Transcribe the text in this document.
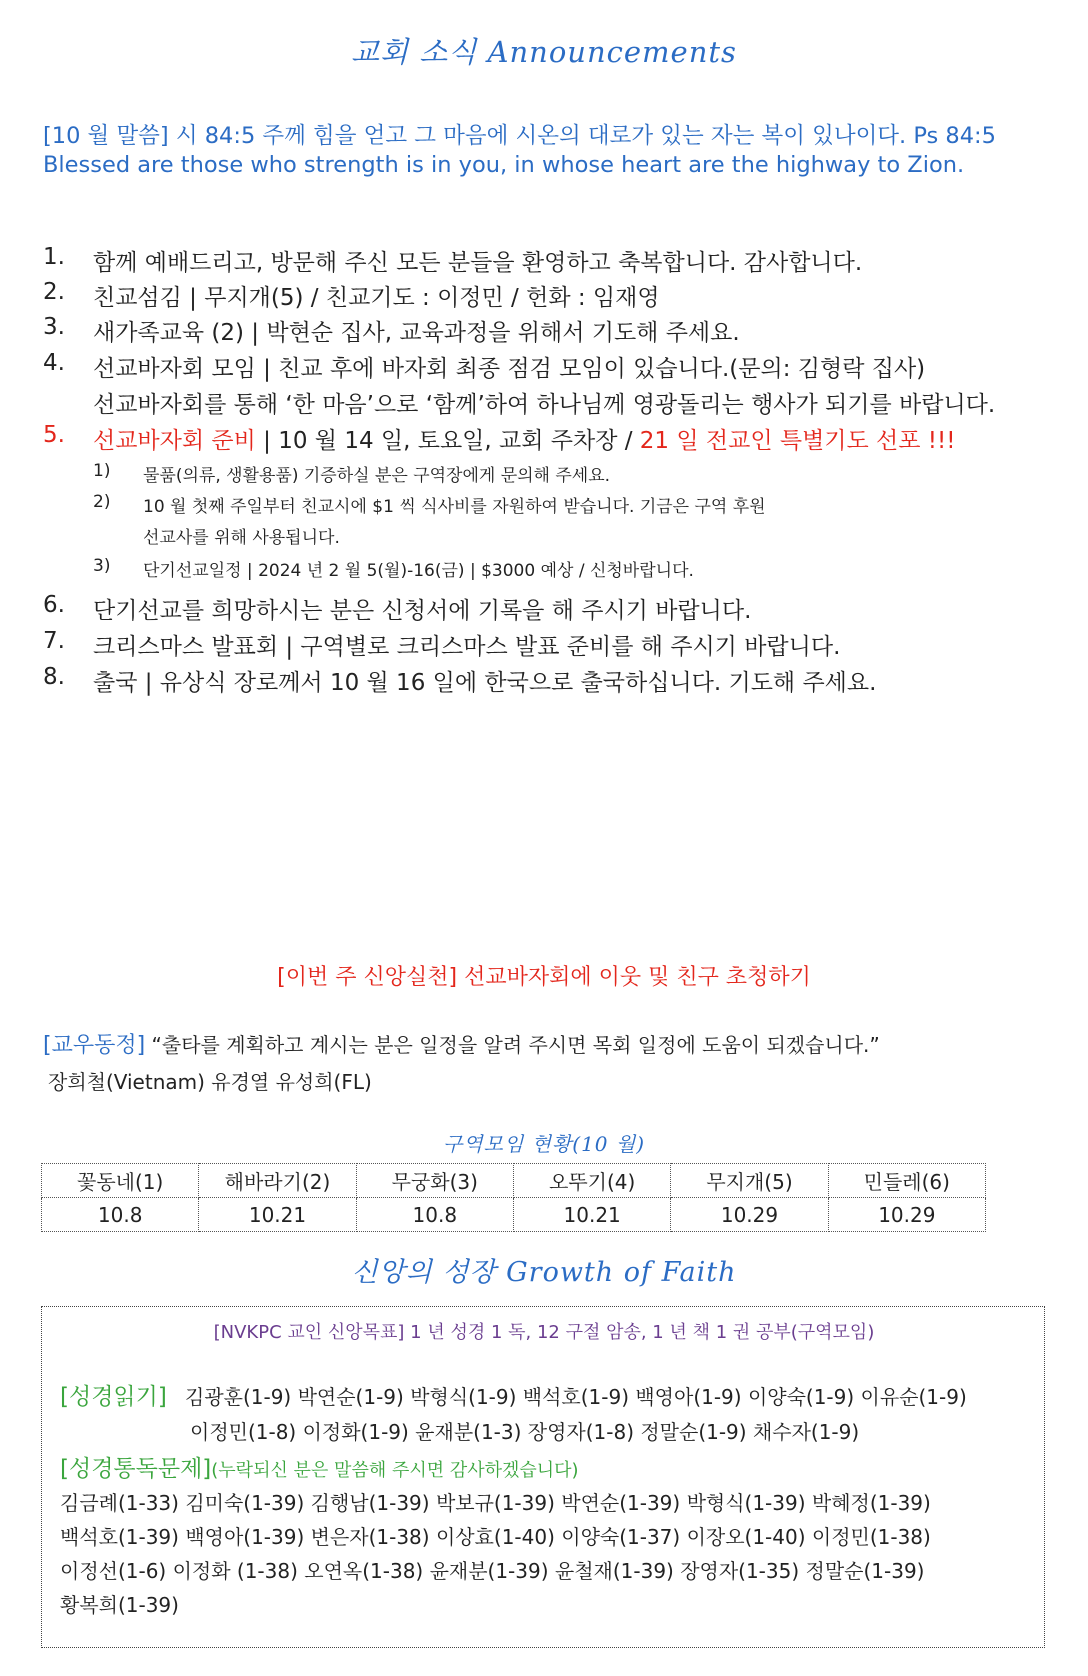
교회 소식 Announcements
[10 월 말씀] 시 84:5 주께 힘을 얻고 그 마음에 시온의 대로가 있는 자는 복이 있나이다. Ps 84:5
Blessed are those who strength is in you, in whose heart are the highway to Zion.
1. 함께 예배드리고, 방문해 주신 모든 분들을 환영하고 축복합니다. 감사합니다.
2. 친교섬김 | 무지개(5) / 친교기도 : 이정민 / 헌화 : 임재영
3. 새가족교육 (2) | 박현순 집사, 교육과정을 위해서 기도해 주세요.
4. 선교바자회 모임 | 친교 후에 바자회 최종 점검 모임이 있습니다.(문의: 김형락 집사)
선교바자회를 통해 ‘한 마음’으로 ‘함께’하여 하나님께 영광돌리는 행사가 되기를 바랍니다.
5. 선교바자회 준비 | 10 월 14 일, 토요일, 교회 주차장 / 21 일 전교인 특별기도 선포 !!!
1) 물품(의류, 생활용품) 기증하실 분은 구역장에게 문의해 주세요.
2) 10 월 첫째 주일부터 친교시에 $1 씩 식사비를 자원하여 받습니다. 기금은 구역 후원
선교사를 위해 사용됩니다.
3) 단기선교일정 | 2024 년 2 월 5(월)-16(금) | $3000 예상 / 신청바랍니다.
6. 단기선교를 희망하시는 분은 신청서에 기록을 해 주시기 바랍니다.
7. 크리스마스 발표회 | 구역별로 크리스마스 발표 준비를 해 주시기 바랍니다.
8. 출국 | 유상식 장로께서 10 월 16 일에 한국으로 출국하십니다. 기도해 주세요.
[이번 주 신앙실천] 선교바자회에 이웃 및 친구 초청하기
[교우동정] “출타를 계획하고 계시는 분은 일정을 알려 주시면 목회 일정에 도움이 되겠습니다.”
장희철(Vietnam) 유경열 유성희(FL)
구역모임 현황(10 월)
꽃동네(1)	해바라기(2)	무궁화(3)	오뚜기(4)	무지개(5)	민들레(6)
10.8	10.21	10.8	10.21	10.29	10.29
신앙의 성장 Growth of Faith
[NVKPC 교인 신앙목표] 1 년 성경 1 독, 12 구절 암송, 1 년 책 1 권 공부(구역모임)
[성경읽기] 김광훈(1-9) 박연순(1-9) 박형식(1-9) 백석호(1-9) 백영아(1-9) 이양숙(1-9) 이유순(1-9)
이정민(1-8) 이정화(1-9) 윤재분(1-3) 장영자(1-8) 정말순(1-9) 채수자(1-9)
[성경통독문제](누락되신 분은 말씀해 주시면 감사하겠습니다)
김금례(1-33) 김미숙(1-39) 김행남(1-39) 박보규(1-39) 박연순(1-39) 박형식(1-39) 박혜정(1-39)
백석호(1-39) 백영아(1-39) 변은자(1-38) 이상효(1-40) 이양숙(1-37) 이장오(1-40) 이정민(1-38)
이정선(1-6) 이정화 (1-38) 오연옥(1-38) 윤재분(1-39) 윤철재(1-39) 장영자(1-35) 정말순(1-39)
황복희(1-39)
